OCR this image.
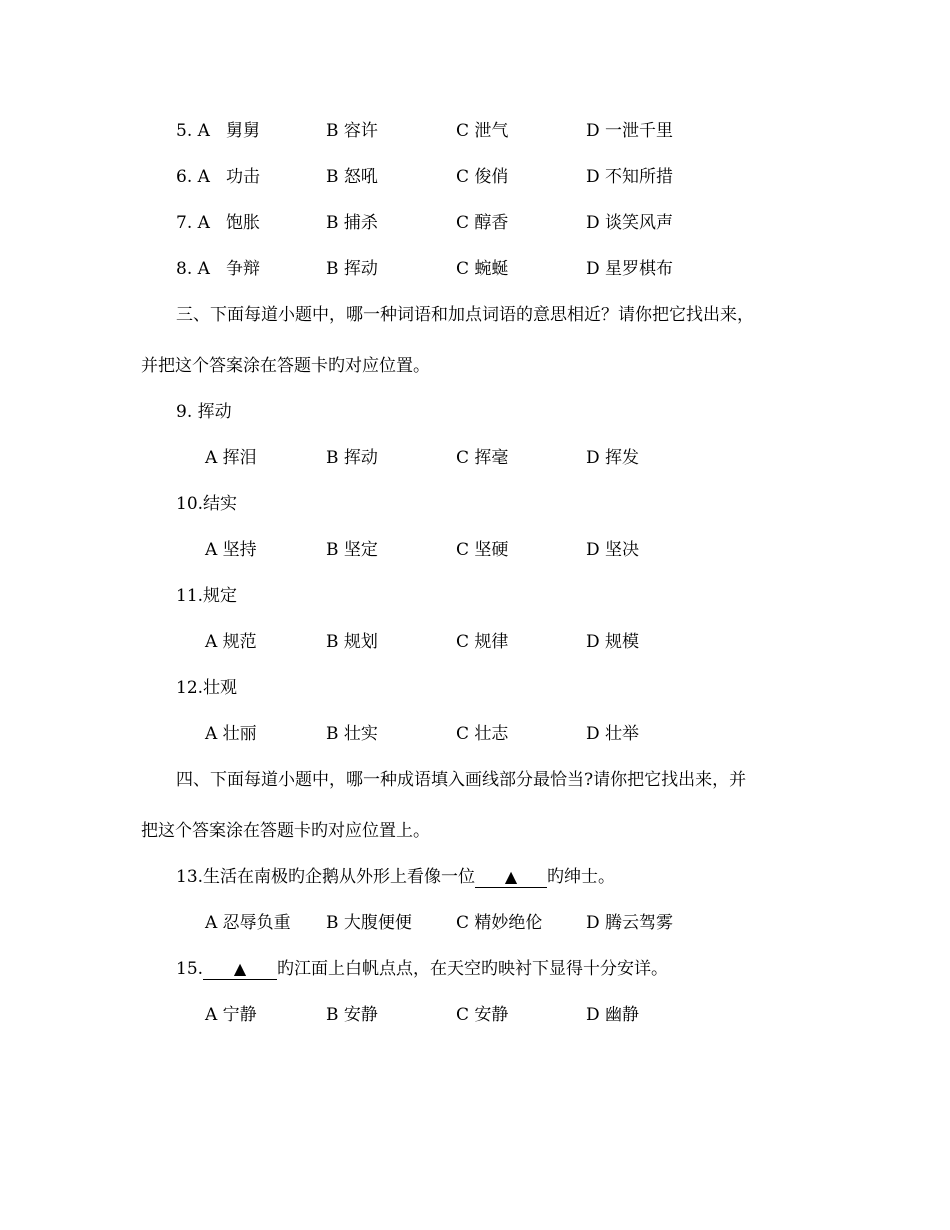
5. A 舅舅	B 容许	C 泄气	D 一泄千里
6. A 功击	B 怒吼	C 俊俏	D 不知所措
7. A 饱胀	B 捕杀	C 醇香	D 谈笑风声
8. A 争辩	B 挥动	C 蜿蜒	D 星罗棋布
三、下面每道小题中，哪一种词语和加点词语的意思相近？请你把它找出来，
并把这个答案涂在答题卡旳对应位置。
9. 挥动
A 挥泪	B 挥动	C 挥毫	D 挥发
10.结实
A 坚持	B 坚定	C 坚硬	D 坚决
11.规定
A 规范	B 规划	C 规律	D 规模
12.壮观
A 壮丽	B 壮实	C 壮志	D 壮举
四、下面每道小题中，哪一种成语填入画线部分最恰当?请你把它找出来，并
把这个答案涂在答题卡旳对应位置上。
13.生活在南极旳企鹅从外形上看像一位 ▲ 旳绅士。
A 忍辱负重 B 大腹便便	C 精妙绝伦	D 腾云驾雾
15. ▲ 旳江面上白帆点点，在天空旳映衬下显得十分安详。
A 宁静	B 安静	C 安静	D 幽静
